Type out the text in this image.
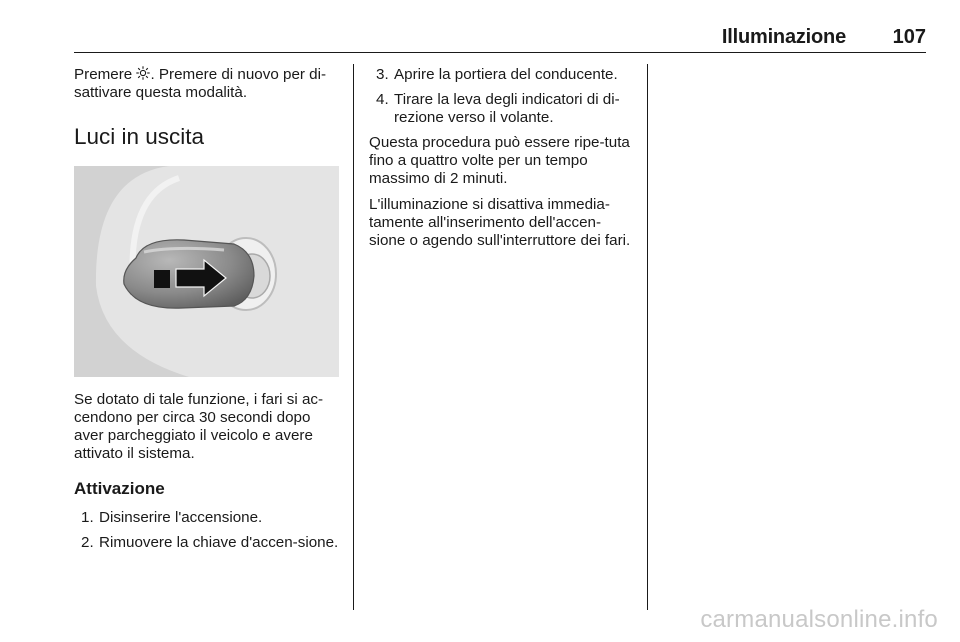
Illuminazione 107

Premere . Premere di nuovo per di-sattivare questa modalità.

Luci in uscita

Se dotato di tale funzione, i fari si ac-cendono per circa 30 secondi dopo aver parcheggiato il veicolo e avere attivato il sistema.

Attivazione
1. Disinserire l'accensione.
2. Rimuovere la chiave d'accen-sione.
3. Aprire la portiera del conducente.
4. Tirare la leva degli indicatori di di-rezione verso il volante.

Questa procedura può essere ripe-tuta fino a quattro volte per un tempo massimo di 2 minuti.

L'illuminazione si disattiva immedia-tamente all'inserimento dell'accen-sione o agendo sull'interruttore dei fari.

carmanualsonline.info
